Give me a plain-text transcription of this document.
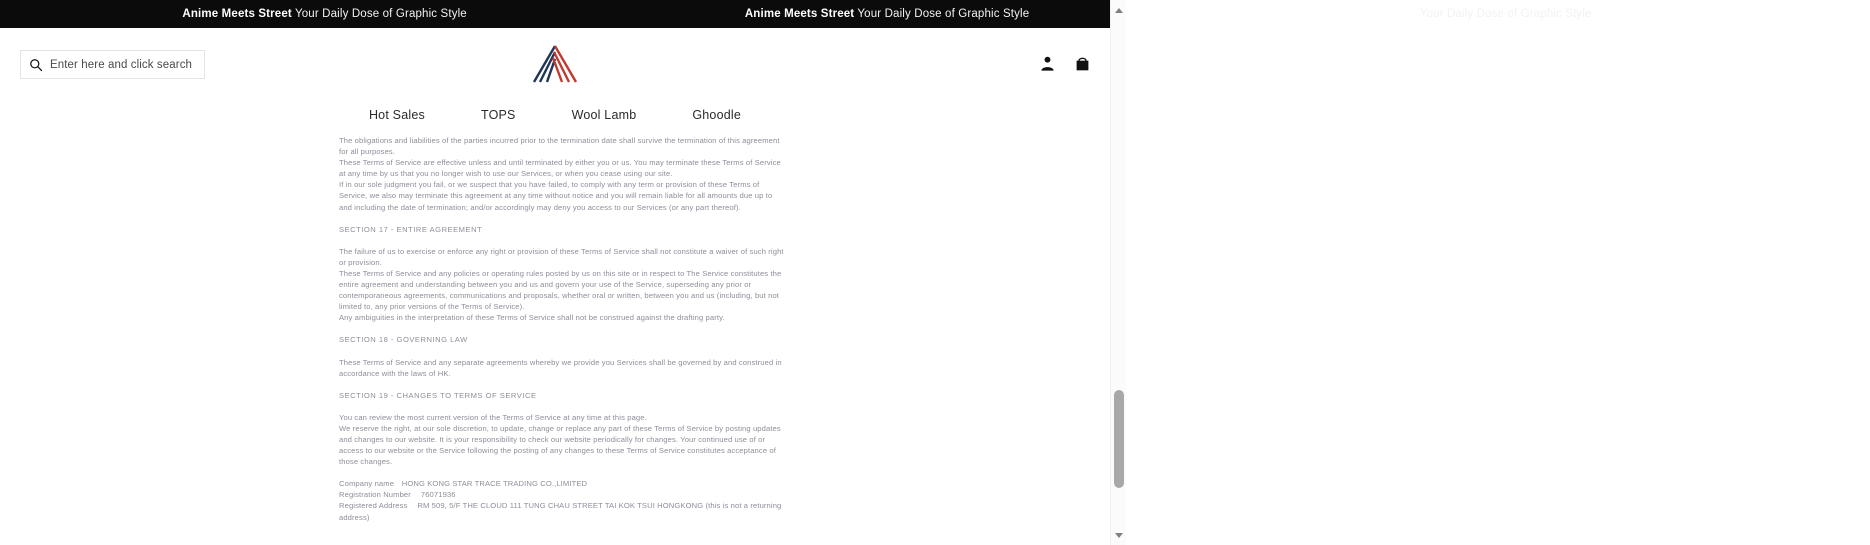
Anime Meets Street Your Daily Dose of Graphic Style	Anime Meets Street Your Daily Dose of Graphic Style	Anime Meets Street Your Daily Dose of Graphic Style
Enter here and click search
Hot Sales	TOPS	Wool Lamb	Ghoodle

The obligations and liabilities of the parties incurred prior to the termination date shall survive the termination of this agreement for all purposes.

These Terms of Service are effective unless and until terminated by either you or us. You may terminate these Terms of Service at any time by us that you no longer wish to use our Services, or when you cease using our site.

If in our sole judgment you fail, or we suspect that you have failed, to comply with any term or provision of these Terms of Service, we also may terminate this agreement at any time without notice and you will remain liable for all amounts due up to and including the date of termination; and/or accordingly may deny you access to our Services (or any part thereof).

SECTION 17 - ENTIRE AGREEMENT

The failure of us to exercise or enforce any right or provision of these Terms of Service shall not constitute a waiver of such right or provision.

These Terms of Service and any policies or operating rules posted by us on this site or in respect to The Service constitutes the entire agreement and understanding between you and us and govern your use of the Service, superseding any prior or contemporaneous agreements, communications and proposals, whether oral or written, between you and us (including, but not limited to, any prior versions of the Terms of Service).

Any ambiguities in the interpretation of these Terms of Service shall not be construed against the drafting party.

SECTION 18 - GOVERNING LAW

These Terms of Service and any separate agreements whereby we provide you Services shall be governed by and construed in accordance with the laws of HK.

SECTION 19 - CHANGES TO TERMS OF SERVICE

You can review the most current version of the Terms of Service at any time at this page.

We reserve the right, at our sole discretion, to update, change or replace any part of these Terms of Service by posting updates and changes to our website. It is your responsibility to check our website periodically for changes. Your continued use of or access to our website or the Service following the posting of any changes to these Terms of Service constitutes acceptance of those changes.

Company name HONG KONG STAR TRACE TRADING CO.,LIMITED
Registration Number  76071936
Registered Address  RM 509, 5/F THE CLOUD 111 TUNG CHAU STREET TAI KOK TSUI HONGKONG (this is not a returning address)
